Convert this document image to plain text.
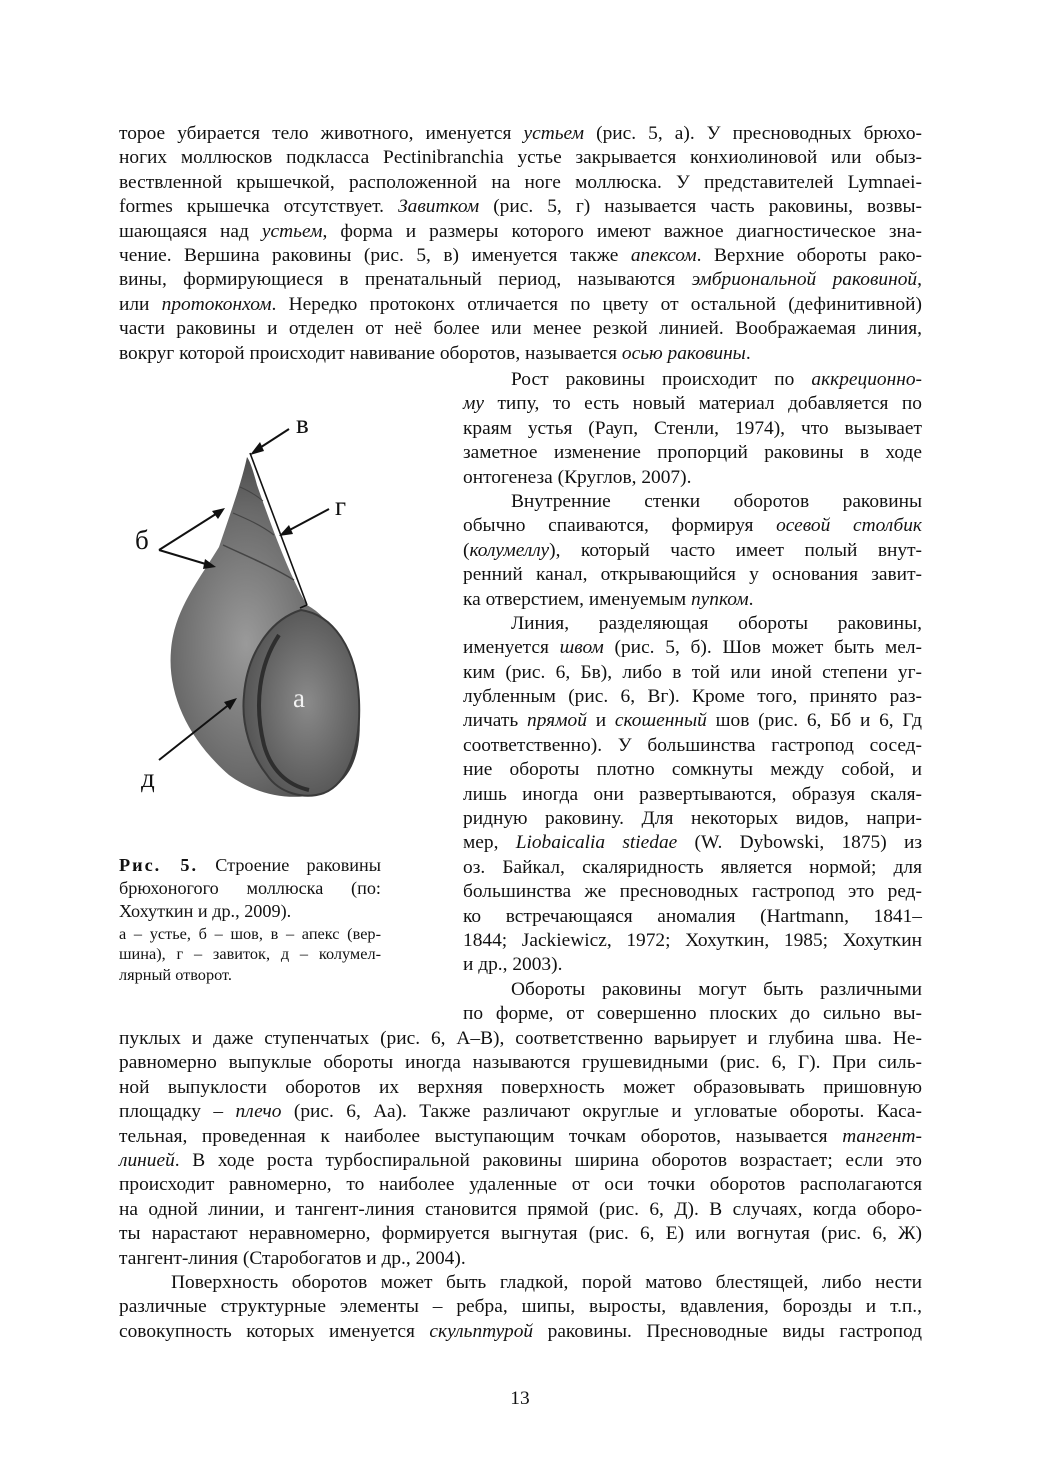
торое убирается тело животного, именуется устьем (рис. 5, а). У пресноводных брюхо-
ногих моллюсков подкласса Pectinibranchia устье закрывается конхиолиновой или обыз-
вествленной крышечкой, расположенной на ноге моллюска. У представителей Lymnaei-
formes крышечка отсутствует. Завитком (рис. 5, г) называется часть раковины, возвы-
шающаяся над устьем, форма и размеры которого имеют важное диагностическое зна-
чение. Вершина раковины (рис. 5, в) именуется также апексом. Верхние обороты рако-
вины, формирующиеся в пренатальный период, называются эмбриональной раковиной,
или протоконхом. Нередко протоконх отличается по цвету от остальной (дефинитивной)
части раковины и отделен от неё более или менее резкой линией. Воображаемая линия,
вокруг которой происходит навивание оборотов, называется осью раковины.
в
г
б
а
д
Рост раковины происходит по аккреционно-
му типу, то есть новый материал добавляется по
краям устья (Рауп, Стенли, 1974), что вызывает
заметное изменение пропорций раковины в ходе
онтогенеза (Круглов, 2007).
Внутренние стенки оборотов раковины
обычно спаиваются, формируя осевой столбик
(колумеллу), который часто имеет полый внут-
ренний канал, открывающийся у основания завит-
ка отверстием, именуемым пупком.
Линия, разделяющая обороты раковины,
именуется швом (рис. 5, б). Шов может быть мел-
ким (рис. 6, Бв), либо в той или иной степени уг-
лубленным (рис. 6, Вг). Кроме того, принято раз-
личать прямой и скошенный шов (рис. 6, Бб и 6, Гд
соответственно). У большинства гастропод сосед-
ние обороты плотно сомкнуты между собой, и
лишь иногда они развертываются, образуя скаля-
ридную раковину. Для некоторых видов, напри-
мер, Liobaicalia stiedae (W. Dybowski, 1875) из
оз. Байкал, скаляридность является нормой; для
большинства же пресноводных гастропод это ред-
ко встречающаяся аномалия (Hartmann, 1841–
1844; Jackiewicz, 1972; Хохуткин, 1985; Хохуткин
и др., 2003).
Обороты раковины могут быть различными
по форме, от совершенно плоских до сильно вы-
Рис. 5. Строение раковины
брюхоногого моллюска (по:
Хохуткин и др., 2009).
а – устье, б – шов, в – апекс (вер-
шина), г – завиток, д – колумел-
лярный отворот.
пуклых и даже ступенчатых (рис. 6, А–В), соответственно варьирует и глубина шва. Не-
равномерно выпуклые обороты иногда называются грушевидными (рис. 6, Г). При силь-
ной выпуклости оборотов их верхняя поверхность может образовывать пришовную
площадку – плечо (рис. 6, Аа). Также различают округлые и угловатые обороты. Каса-
тельная, проведенная к наиболее выступающим точкам оборотов, называется тангент-
линией. В ходе роста турбоспиральной раковины ширина оборотов возрастает; если это
происходит равномерно, то наиболее удаленные от оси точки оборотов располагаются
на одной линии, и тангент-линия становится прямой (рис. 6, Д). В случаях, когда оборо-
ты нарастают неравномерно, формируется выгнутая (рис. 6, Е) или вогнутая (рис. 6, Ж)
тангент-линия (Старобогатов и др., 2004).
Поверхность оборотов может быть гладкой, порой матово блестящей, либо нести
различные структурные элементы – ребра, шипы, выросты, вдавления, борозды и т.п.,
совокупность которых именуется скульптурой раковины. Пресноводные виды гастропод
13
